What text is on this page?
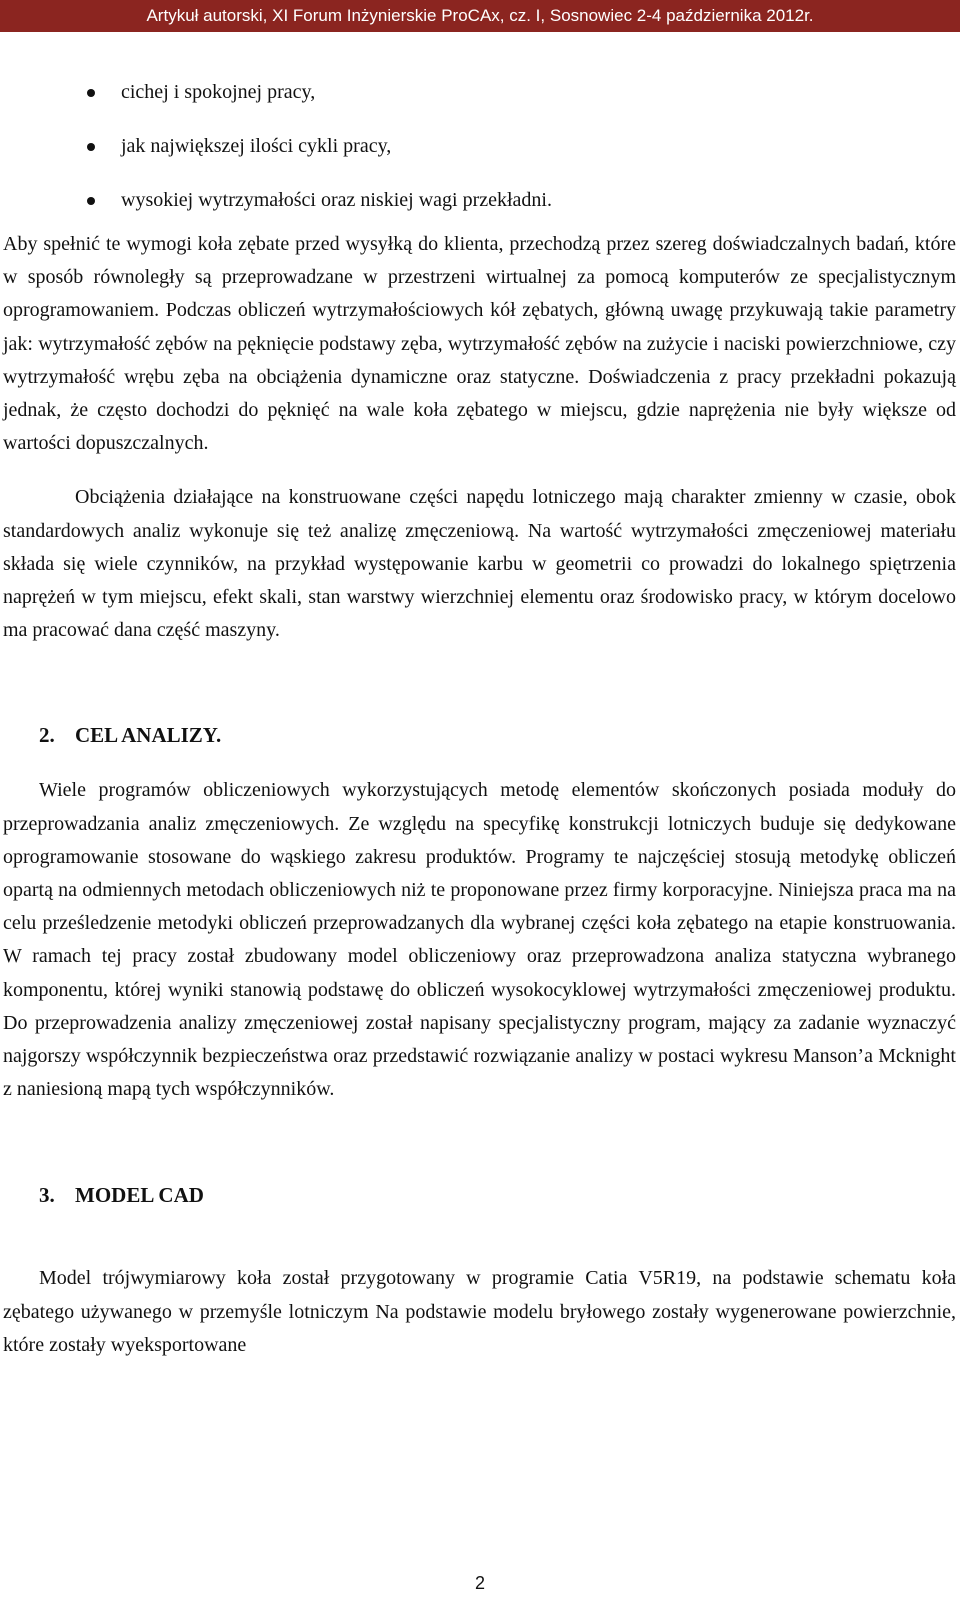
Artykuł autorski, XI Forum Inżynierskie ProCAx, cz. I, Sosnowiec 2-4 października 2012r.
cichej i spokojnej pracy,
jak największej ilości cykli pracy,
wysokiej wytrzymałości oraz niskiej wagi przekładni.

Aby spełnić te wymogi koła zębate przed wysyłką do klienta, przechodzą przez szereg doświadczalnych badań, które w sposób równoległy są przeprowadzane w przestrzeni wirtualnej za pomocą komputerów ze specjalistycznym oprogramowaniem. Podczas obliczeń wytrzymałościowych kół zębatych, główną uwagę przykuwają takie parametry jak: wytrzymałość zębów na pęknięcie podstawy zęba, wytrzymałość zębów na zużycie i naciski powierzchniowe, czy wytrzymałość wrębu zęba na obciążenia dynamiczne oraz statyczne. Doświadczenia z pracy przekładni pokazują jednak, że często dochodzi do pęknięć na wale koła zębatego w miejscu, gdzie naprężenia nie były większe od wartości dopuszczalnych.

Obciążenia działające na konstruowane części napędu lotniczego mają charakter zmienny w czasie, obok standardowych analiz wykonuje się też analizę zmęczeniową. Na wartość wytrzymałości zmęczeniowej materiału składa się wiele czynników, na przykład występowanie karbu w geometrii co prowadzi do lokalnego spiętrzenia naprężeń w tym miejscu, efekt skali, stan warstwy wierzchniej elementu oraz środowisko pracy, w którym docelowo ma pracować dana część maszyny.

2. CEL ANALIZY.

Wiele programów obliczeniowych wykorzystujących metodę elementów skończonych posiada moduły do przeprowadzania analiz zmęczeniowych. Ze względu na specyfikę konstrukcji lotniczych buduje się dedykowane oprogramowanie stosowane do wąskiego zakresu produktów. Programy te najczęściej stosują metodykę obliczeń opartą na odmiennych metodach obliczeniowych niż te proponowane przez firmy korporacyjne. Niniejsza praca ma na celu prześledzenie metodyki obliczeń przeprowadzanych dla wybranej części koła zębatego na etapie konstruowania. W ramach tej pracy został zbudowany model obliczeniowy oraz przeprowadzona analiza statyczna wybranego komponentu, której wyniki stanowią podstawę do obliczeń wysokocyklowej wytrzymałości zmęczeniowej produktu. Do przeprowadzenia analizy zmęczeniowej został napisany specjalistyczny program, mający za zadanie wyznaczyć najgorszy współczynnik bezpieczeństwa oraz przedstawić rozwiązanie analizy w postaci wykresu Manson’a Mcknight z naniesioną mapą tych współczynników.

3. MODEL CAD

Model trójwymiarowy koła został przygotowany w programie Catia V5R19, na podstawie schematu koła zębatego używanego w przemyśle lotniczym Na podstawie modelu bryłowego zostały wygenerowane powierzchnie, które zostały wyeksportowane

2
